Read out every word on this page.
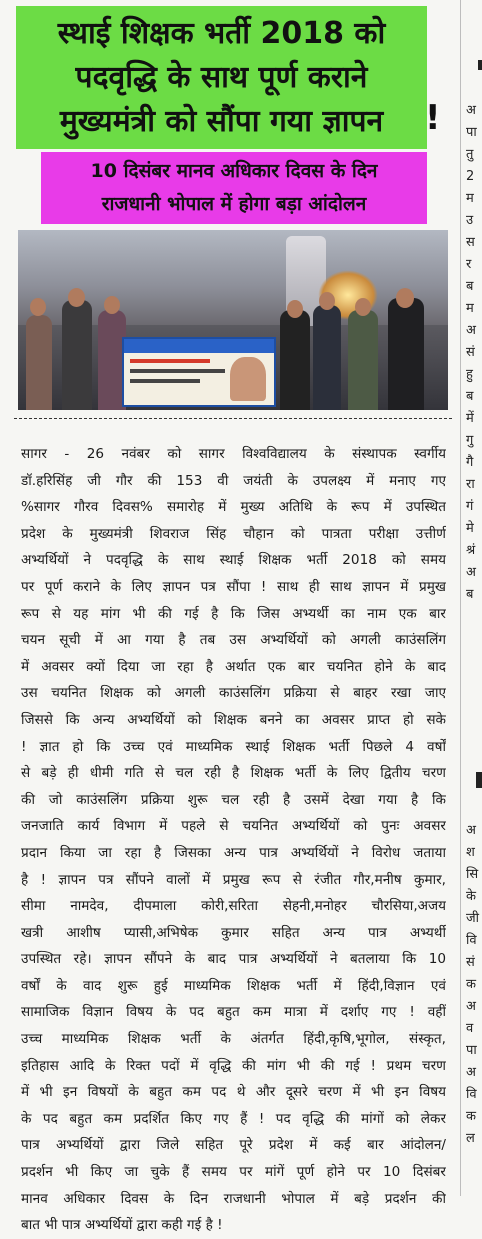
स्थाई शिक्षक भर्ती 2018 को
पदवृद्धि के साथ पूर्ण कराने
मुख्यमंत्री को सौंपा गया ज्ञापन	!
10 दिसंबर मानव अधिकार दिवस के दिन
राजधानी भोपाल में होगा बड़ा आंदोलन
सागर - 26 नवंबर को सागर विश्वविद्यालय के संस्थापक स्वर्गीय
डॉ.हरिसिंह जी गौर की 153 वी जयंती के उपलक्ष्य में मनाए गए
%सागर गौरव दिवस% समारोह में मुख्य अतिथि के रूप में उपस्थित
प्रदेश के मुख्यमंत्री शिवराज सिंह चौहान को पात्रता परीक्षा उत्तीर्ण
अभ्यर्थियों ने पदवृद्धि के साथ स्थाई शिक्षक भर्ती 2018 को समय
पर पूर्ण कराने के लिए ज्ञापन पत्र सौंपा ! साथ ही साथ ज्ञापन में प्रमुख
रूप से यह मांग भी की गई है कि जिस अभ्यर्थी का नाम एक बार
चयन सूची में आ गया है तब उस अभ्यर्थियों को अगली काउंसलिंग
में अवसर क्यों दिया जा रहा है अर्थात एक बार चयनित होने के बाद
उस चयनित शिक्षक को अगली काउंसलिंग प्रक्रिया से बाहर रखा जाए
जिससे कि अन्य अभ्यर्थियों को शिक्षक बनने का अवसर प्राप्त हो सके
! ज्ञात हो कि उच्च एवं माध्यमिक स्थाई शिक्षक भर्ती पिछले 4 वर्षों
से बड़े ही धीमी गति से चल रही है शिक्षक भर्ती के लिए द्वितीय चरण
की जो काउंसलिंग प्रक्रिया शुरू चल रही है उसमें देखा गया है कि
जनजाति कार्य विभाग में पहले से चयनित अभ्यर्थियों को पुनः अवसर
प्रदान किया जा रहा है जिसका अन्य पात्र अभ्यर्थियों ने विरोध जताया
है ! ज्ञापन पत्र सौंपने वालों में प्रमुख रूप से रंजीत गौर,मनीष कुमार,
सीमा नामदेव, दीपमाला कोरी,सरिता सेहनी,मनोहर चौरसिया,अजय
खत्री आशीष प्यासी,अभिषेक कुमार सहित अन्य पात्र अभ्यर्थी
उपस्थित रहे। ज्ञापन सौंपने के बाद पात्र अभ्यर्थियों ने बतलाया कि 10
वर्षों के वाद शुरू हुई माध्यमिक शिक्षक भर्ती में हिंदी,विज्ञान एवं
सामाजिक विज्ञान विषय के पद बहुत कम मात्रा में दर्शाए गए ! वहीं
उच्च माध्यमिक शिक्षक भर्ती के अंतर्गत हिंदी,कृषि,भूगोल, संस्कृत,
इतिहास आदि के रिक्त पदों में वृद्धि की मांग भी की गई ! प्रथम चरण
में भी इन विषयों के बहुत कम पद थे और दूसरे चरण में भी इन विषय
के पद बहुत कम प्रदर्शित किए गए हैं ! पद वृद्धि की मांगों को लेकर
पात्र अभ्यर्थियों द्वारा जिले सहित पूरे प्रदेश में कई बार आंदोलन/
प्रदर्शन भी किए जा चुके हैं समय पर मांगें पूर्ण होने पर 10 दिसंबर
मानव अधिकार दिवस के दिन राजधानी भोपाल में बड़े प्रदर्शन की
बात भी पात्र अभ्यर्थियों द्वारा कही गई है !
अ
पा
तु
2
म
उ
स
र
ब
म
अ
सं
हु
ब
में
गु
गै
रा
गं
मे
श्रं
अ
ब
अ
श
सि
के
जी
वि
सं
क
अ
व
पा
अ
वि
क
ल
